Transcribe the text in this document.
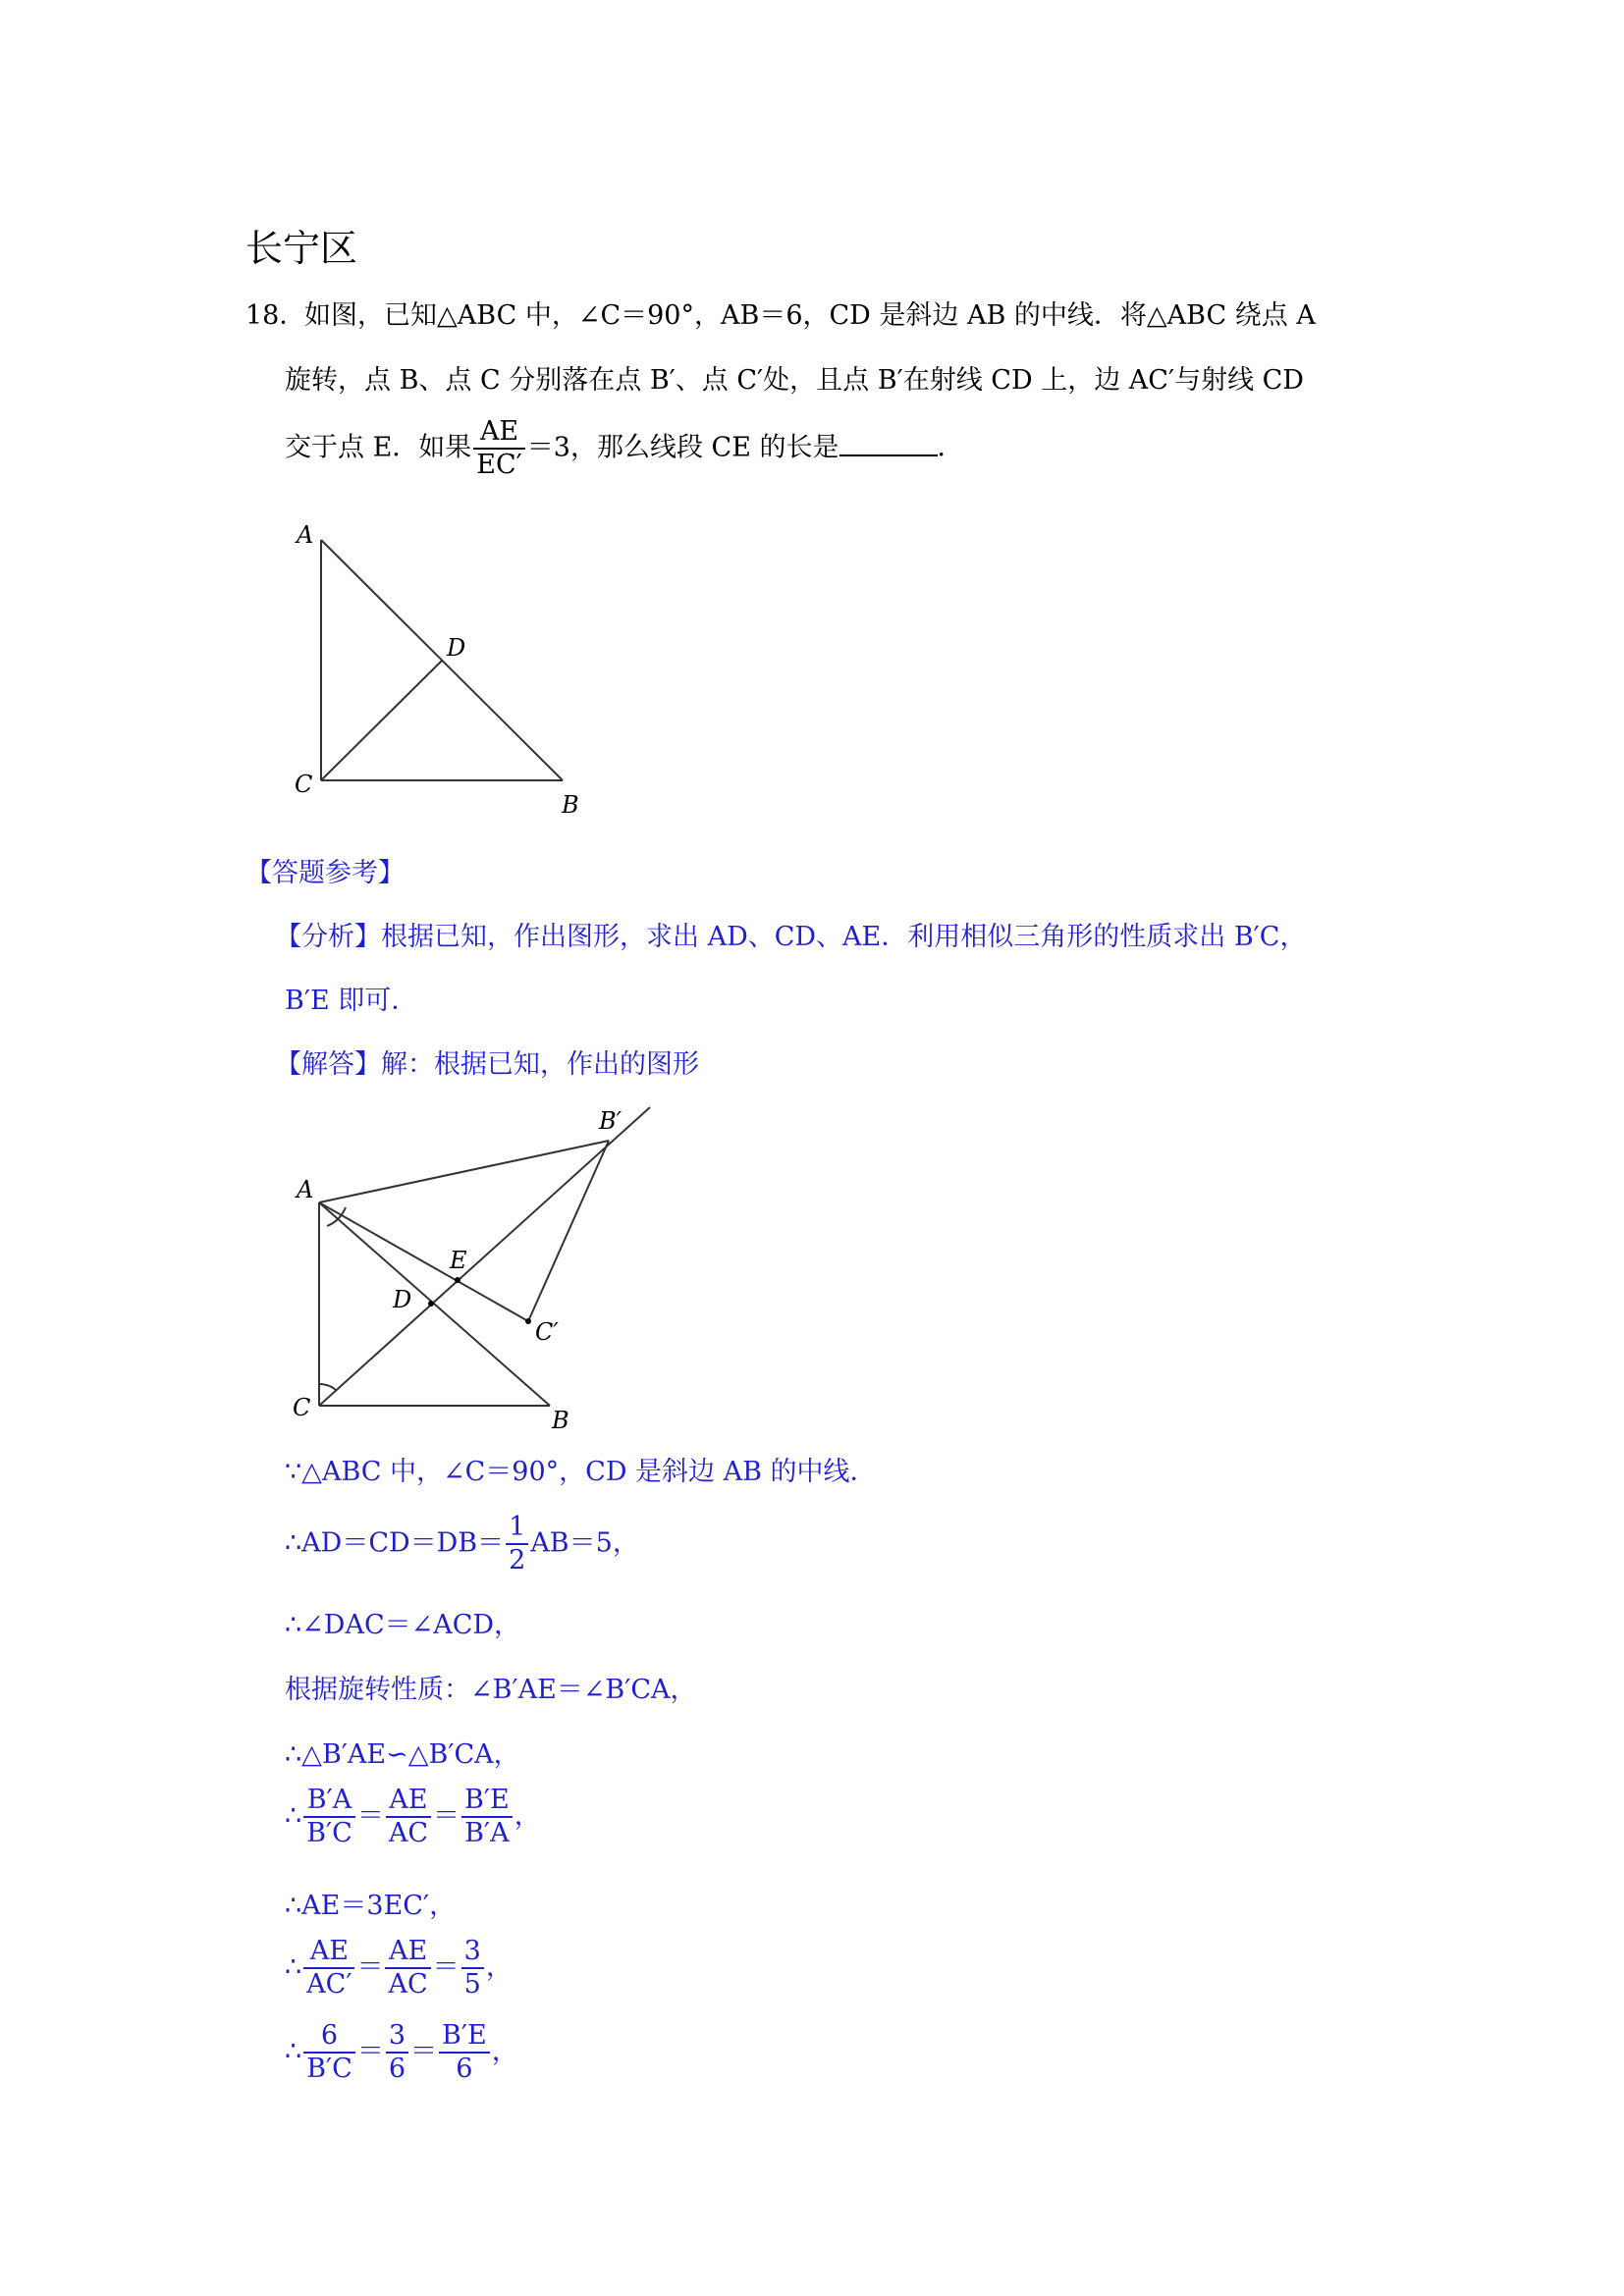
长宁区
18．
如图，已知△ABC 中，∠C＝90°，AB＝6，CD 是斜边 AB 的中线．将△ABC 绕点 A
旋转，点 B、点 C 分别落在点 B′、点 C′处，且点 B′在射线 CD 上，边 AC′与射线 CD
交于点 E．如果 $\frac{AE}{EC'} =3$，那么线段 CE 的长是	．
A
D
C
B
【答题参考】
【分析】根据已知，作出图形，求出 AD、CD、AE．利用相似三角形的性质求出 B′C，
B′E 即可．
【解答】解：根据已知，作出的图形
A
B′
E
D
C′
C	B
∵△ABC 中，∠C＝90°，CD 是斜边 AB 的中线．
∴AD＝CD＝DB＝ $\frac{1}{2} AB=5$，
∴∠DAC＝∠ACD，
根据旋转性质：∠B′AE＝∠B′CA，
∴△B′AE∽△B′CA，
∴ $\frac{B'A}{B'C} = \frac{AE}{AC} = \frac{B'E}{B'A}$ ，
∴AE＝3EC′，
∴ $\frac{AE}{AC'} = \frac{AE}{AC} = \frac{3}{5}$ ，
∴ $\frac{6}{B'C} = \frac{3}{6} = \frac{B'E}{6}$ ，
